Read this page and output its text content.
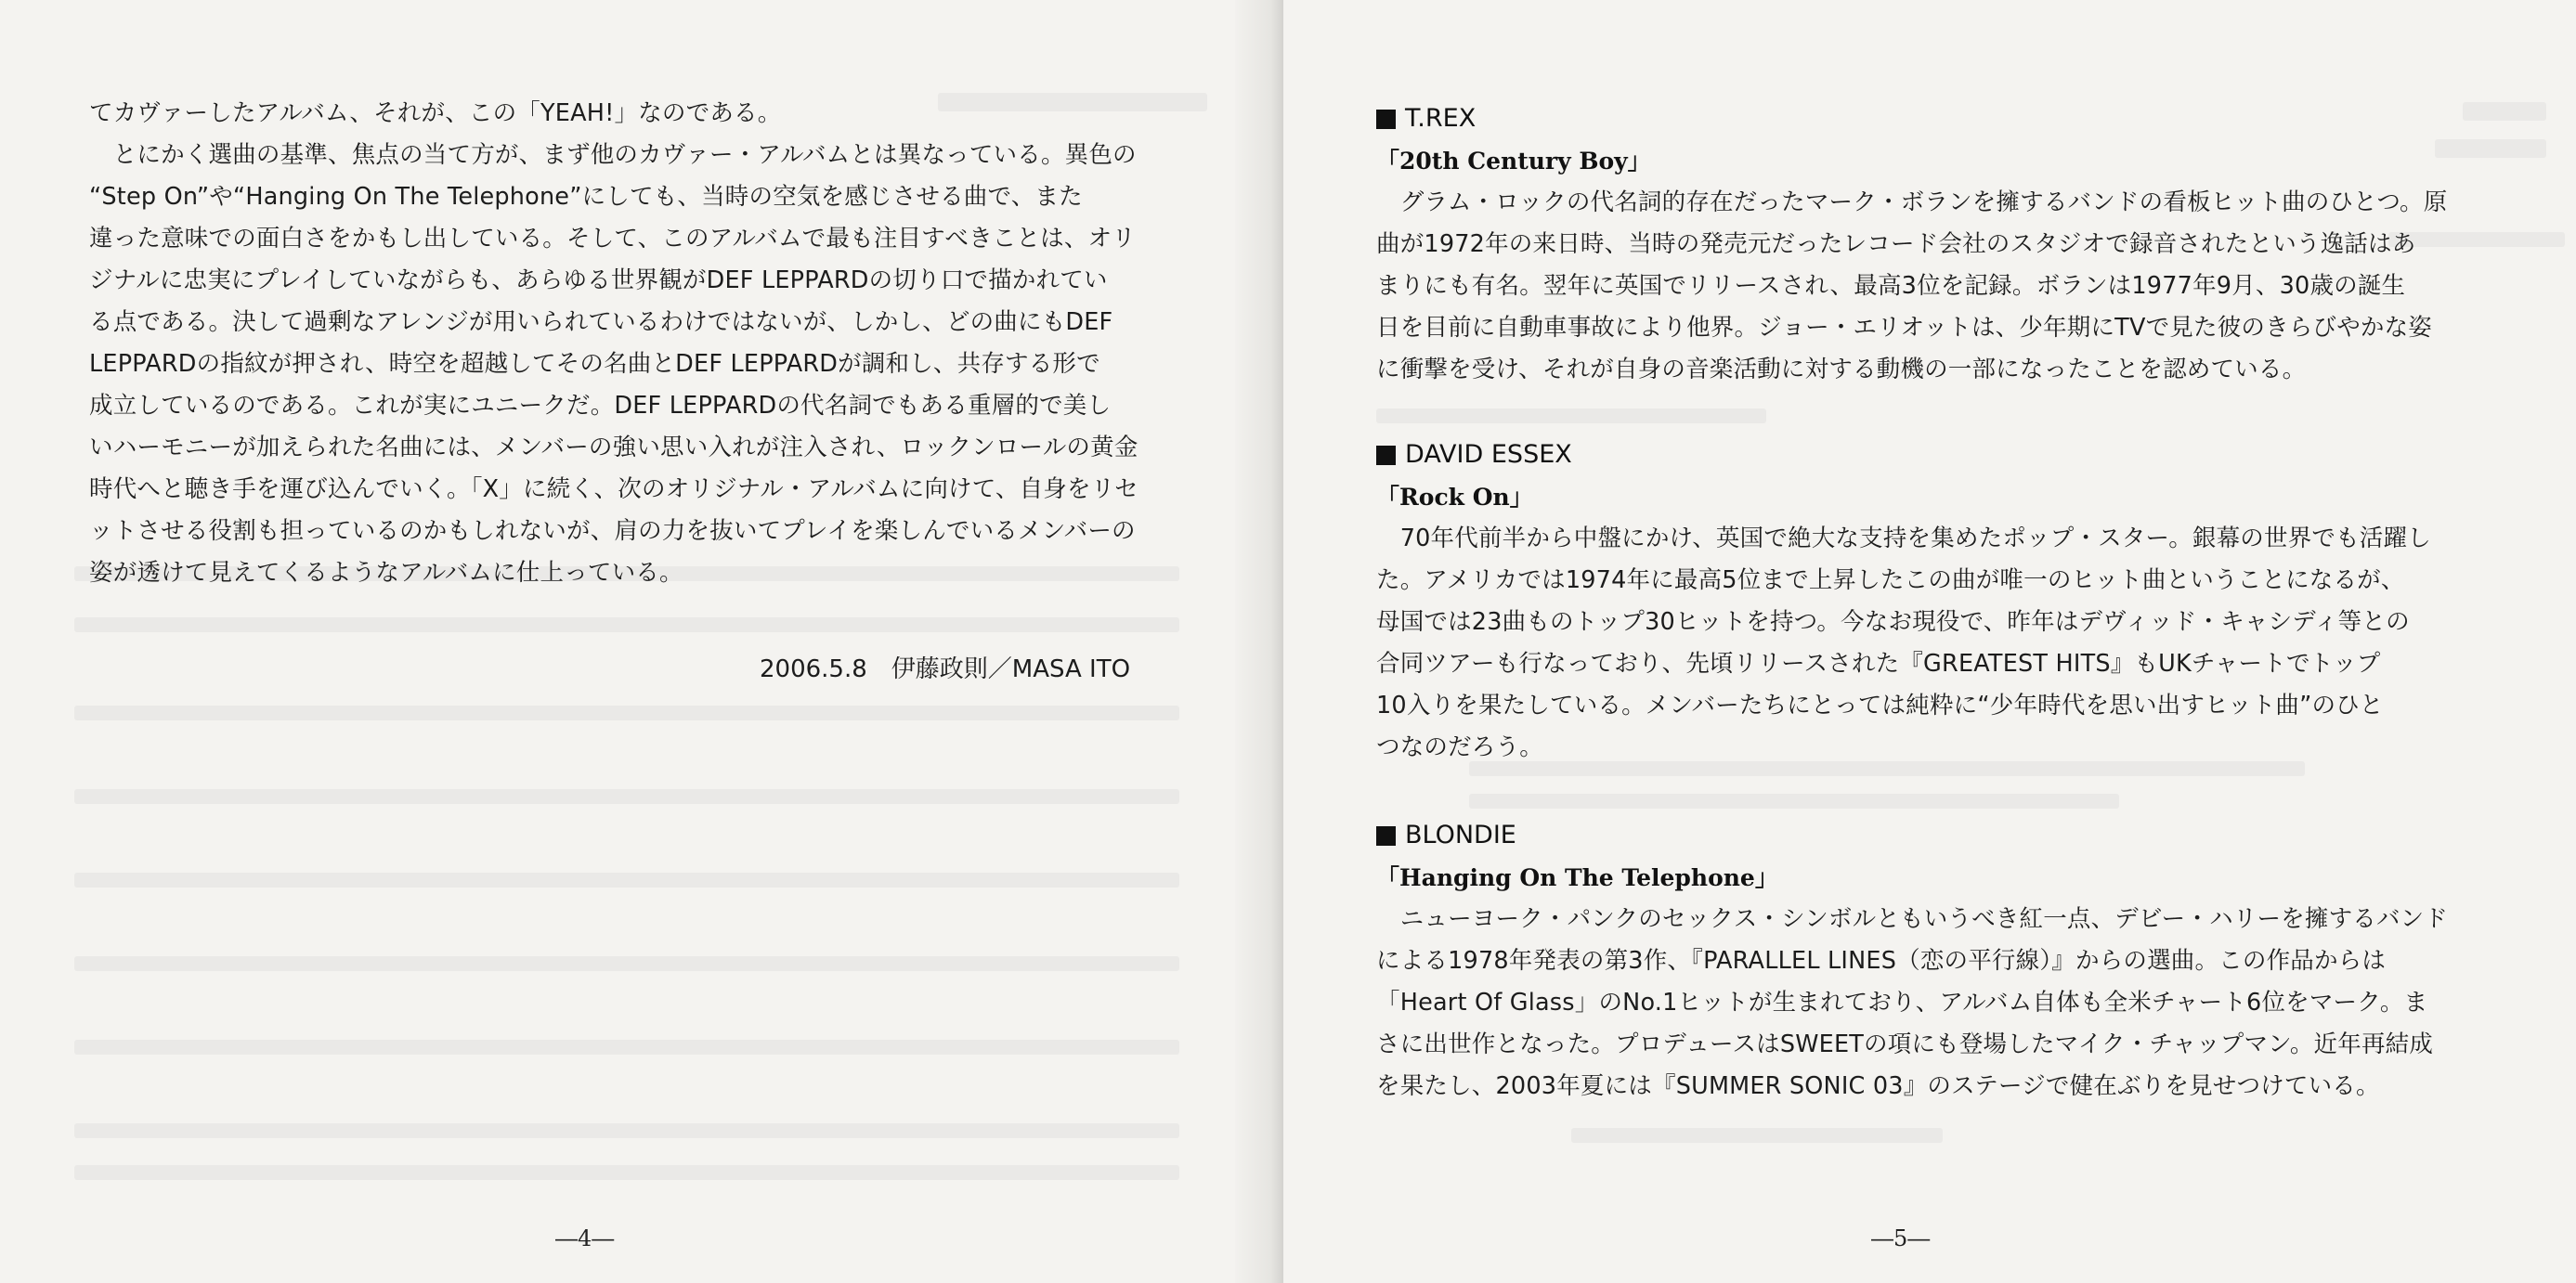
てカヴァーしたアルバム、それが、この「YEAH!」なのである。
　とにかく選曲の基準、焦点の当て方が、まず他のカヴァー・アルバムとは異なっている。異色の
“Step On”や“Hanging On The Telephone”にしても、当時の空気を感じさせる曲で、また
違った意味での面白さをかもし出している。そして、このアルバムで最も注目すべきことは、オリ
ジナルに忠実にプレイしていながらも、あらゆる世界観がDEF LEPPARDの切り口で描かれてい
る点である。決して過剰なアレンジが用いられているわけではないが、しかし、どの曲にもDEF
LEPPARDの指紋が押され、時空を超越してその名曲とDEF LEPPARDが調和し、共存する形で
成立しているのである。これが実にユニークだ。DEF LEPPARDの代名詞でもある重層的で美し
いハーモニーが加えられた名曲には、メンバーの強い思い入れが注入され、ロックンロールの黄金
時代へと聴き手を運び込んでいく。「X」に続く、次のオリジナル・アルバムに向けて、自身をリセ
ットさせる役割も担っているのかもしれないが、肩の力を抜いてプレイを楽しんでいるメンバーの
姿が透けて見えてくるようなアルバムに仕上っている。
2006.5.8　伊藤政則／MASA ITO
―4―
T.REX
「20th Century Boy」
　グラム・ロックの代名詞的存在だったマーク・ボランを擁するバンドの看板ヒット曲のひとつ。原
曲が1972年の来日時、当時の発売元だったレコード会社のスタジオで録音されたという逸話はあ
まりにも有名。翌年に英国でリリースされ、最高3位を記録。ボランは1977年9月、30歳の誕生
日を目前に自動車事故により他界。ジョー・エリオットは、少年期にTVで見た彼のきらびやかな姿
に衝撃を受け、それが自身の音楽活動に対する動機の一部になったことを認めている。
DAVID ESSEX
「Rock On」
　70年代前半から中盤にかけ、英国で絶大な支持を集めたポップ・スター。銀幕の世界でも活躍し
た。アメリカでは1974年に最高5位まで上昇したこの曲が唯一のヒット曲ということになるが、
母国では23曲ものトップ30ヒットを持つ。今なお現役で、昨年はデヴィッド・キャシディ等との
合同ツアーも行なっており、先頃リリースされた『GREATEST HITS』もUKチャートでトップ
10入りを果たしている。メンバーたちにとっては純粋に“少年時代を思い出すヒット曲”のひと
つなのだろう。
BLONDIE
「Hanging On The Telephone」
　ニューヨーク・パンクのセックス・シンボルともいうべき紅一点、デビー・ハリーを擁するバンド
による1978年発表の第3作、『PARALLEL LINES（恋の平行線）』からの選曲。この作品からは
「Heart Of Glass」のNo.1ヒットが生まれており、アルバム自体も全米チャート6位をマーク。ま
さに出世作となった。プロデュースはSWEETの項にも登場したマイク・チャップマン。近年再結成
を果たし、2003年夏には『SUMMER SONIC 03』のステージで健在ぶりを見せつけている。
―5―
